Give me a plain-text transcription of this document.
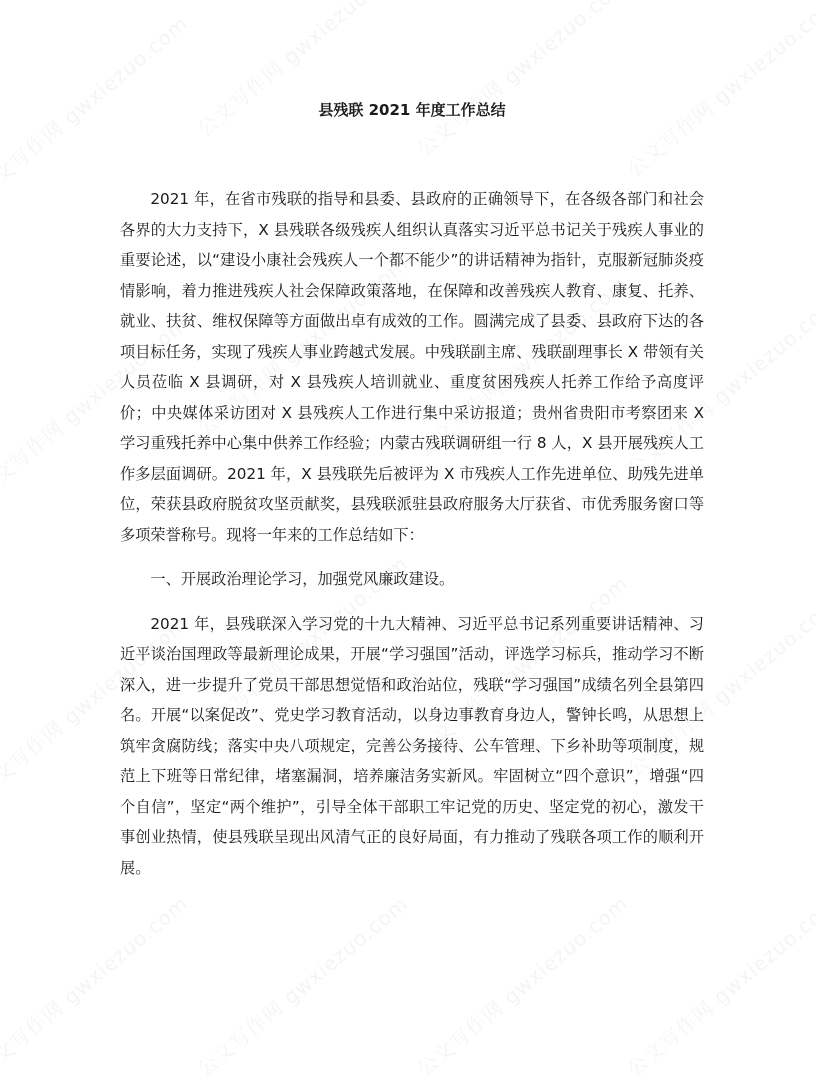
县残联 2021 年度工作总结

2021 年，在省市残联的指导和县委、县政府的正确领导下，在各级各部门和社会各界的大力支持下，X 县残联各级残疾人组织认真落实习近平总书记关于残疾人事业的重要论述，以“建设小康社会残疾人一个都不能少”的讲话精神为指针，克服新冠肺炎疫情影响，着力推进残疾人社会保障政策落地，在保障和改善残疾人教育、康复、托养、就业、扶贫、维权保障等方面做出卓有成效的工作。圆满完成了县委、县政府下达的各项目标任务，实现了残疾人事业跨越式发展。中残联副主席、残联副理事长 X 带领有关人员莅临 X 县调研，对 X 县残疾人培训就业、重度贫困残疾人托养工作给予高度评价；中央媒体采访团对 X 县残疾人工作进行集中采访报道；贵州省贵阳市考察团来 X 学习重残托养中心集中供养工作经验；内蒙古残联调研组一行 8 人，X 县开展残疾人工作多层面调研。2021 年，X 县残联先后被评为 X 市残疾人工作先进单位、助残先进单位，荣获县政府脱贫攻坚贡献奖，县残联派驻县政府服务大厅获省、市优秀服务窗口等多项荣誉称号。现将一年来的工作总结如下：

一、开展政治理论学习，加强党风廉政建设。

2021 年，县残联深入学习党的十九大精神、习近平总书记系列重要讲话精神、习近平谈治国理政等最新理论成果，开展“学习强国”活动，评选学习标兵，推动学习不断深入，进一步提升了党员干部思想觉悟和政治站位，残联“学习强国”成绩名列全县第四名。开展“以案促改”、党史学习教育活动，以身边事教育身边人，警钟长鸣，从思想上筑牢贪腐防线；落实中央八项规定，完善公务接待、公车管理、下乡补助等项制度，规范上下班等日常纪律，堵塞漏洞，培养廉洁务实新风。牢固树立“四个意识”，增强“四个自信”，坚定“两个维护”，引导全体干部职工牢记党的历史、坚定党的初心，激发干事创业热情，使县残联呈现出风清气正的良好局面，有力推动了残联各项工作的顺利开展。
